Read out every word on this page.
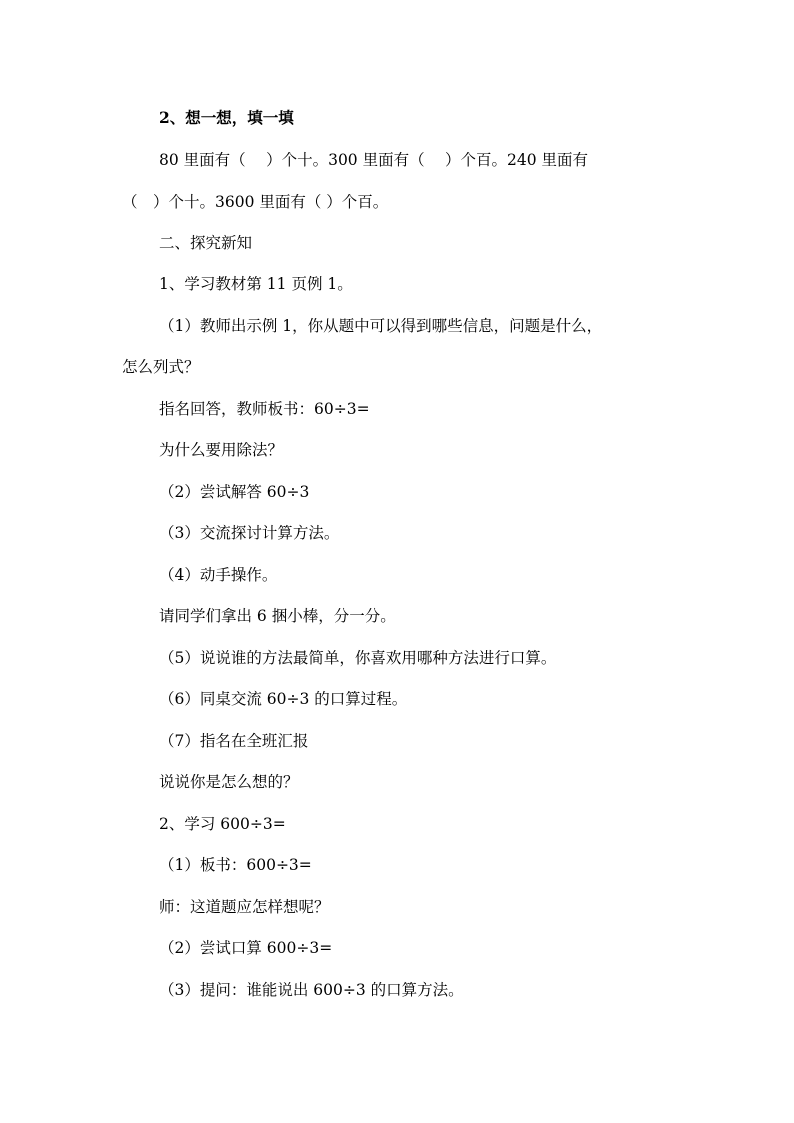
2、想一想，填一填
80 里面有（　 ）个十。300 里面有（　 ）个百。240 里面有
（　）个十。3600 里面有（ ）个百。
二、探究新知
1、学习教材第 11 页例 1。
（1）教师出示例 1，你从题中可以得到哪些信息，问题是什么，
怎么列式？
指名回答，教师板书：60÷3=
为什么要用除法？
（2）尝试解答 60÷3
（3）交流探讨计算方法。
（4）动手操作。
请同学们拿出 6 捆小棒，分一分。
（5）说说谁的方法最简单，你喜欢用哪种方法进行口算。
（6）同桌交流 60÷3 的口算过程。
（7）指名在全班汇报
说说你是怎么想的？
2、学习 600÷3=
（1）板书：600÷3=
师：这道题应怎样想呢？
（2）尝试口算 600÷3=
（3）提问：谁能说出 600÷3 的口算方法。
